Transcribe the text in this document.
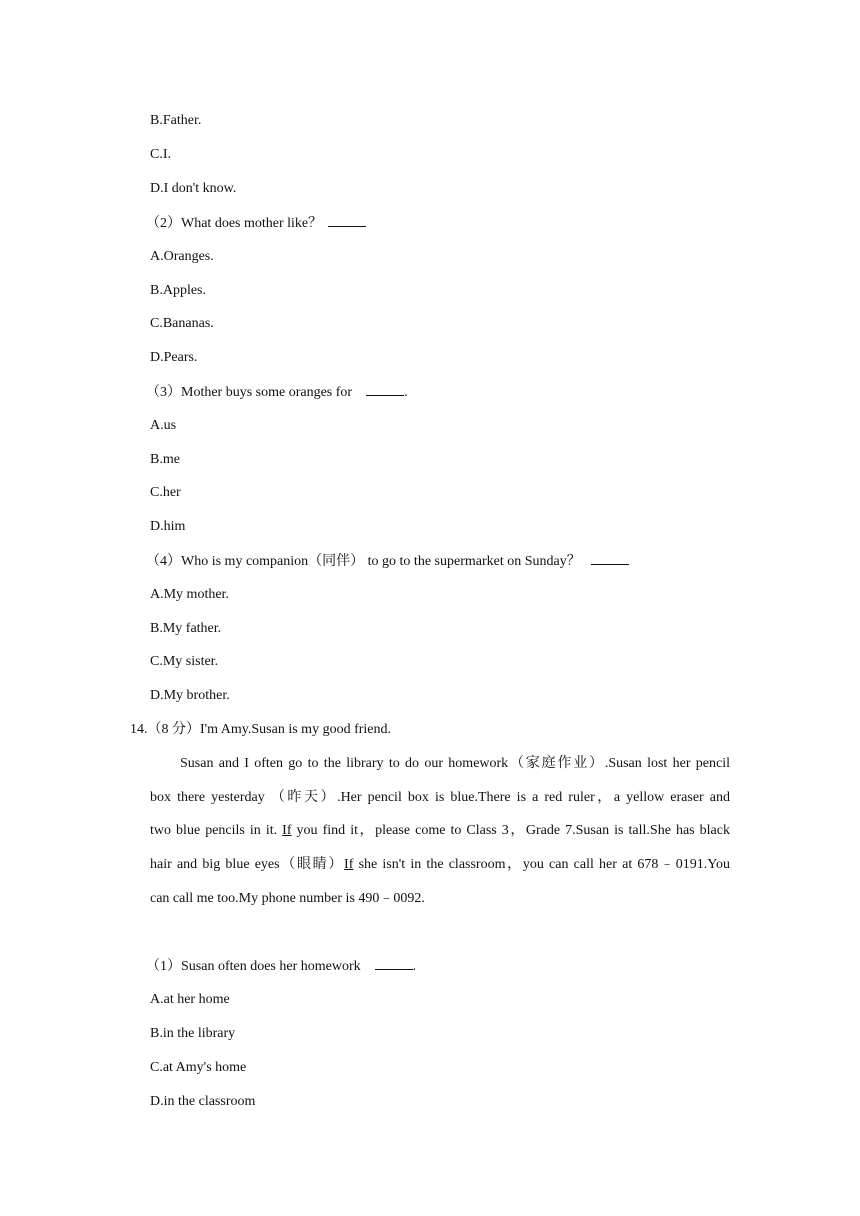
B.Father.
C.I.
D.I don't know.
（2）What does mother like？
A.Oranges.
B.Apples.
C.Bananas.
D.Pears.
（3）Mother buys some oranges for	.
A.us
B.me
C.her
D.him
（4）Who is my companion（同伴） to go to the supermarket on Sunday？
A.My mother.
B.My father.
C.My sister.
D.My brother.
14.（8 分）I'm Amy.Susan is my good friend.
Susan and I often go to the library to do our homework（家庭作业）.Susan lost her pencil
box there yesterday （昨天）.Her pencil box is blue.There is a red ruler，a yellow eraser and
two blue pencils in it. If you find it，please come to Class 3，Grade 7.Susan is tall.She has black
hair and big blue eyes（眼睛）If she isn't in the classroom，you can call her at 678﹣0191.You
can call me too.My phone number is 490﹣0092.
（1）Susan often does her homework	.
A.at her home
B.in the library
C.at Amy's home
D.in the classroom
